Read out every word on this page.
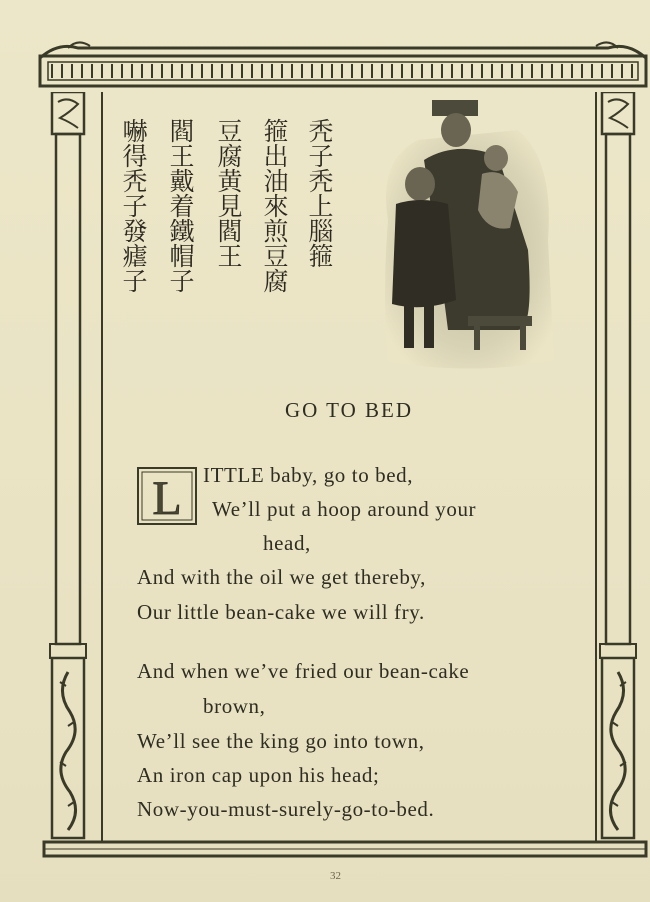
秃子秃上腦箍
箍出油來煎豆腐
豆腐黄見閻王
閻王戴着鐵帽子
嚇得秃子發瘧子
GO TO BED
L ITTLE baby, go to bed,
We’ll put a hoop around your
head,
And with the oil we get thereby,
Our little bean-cake we will fry.
And when we’ve fried our bean-cake
brown,
We’ll see the king go into town,
An iron cap upon his head;
Now-you-must-surely-go-to-bed.
32
